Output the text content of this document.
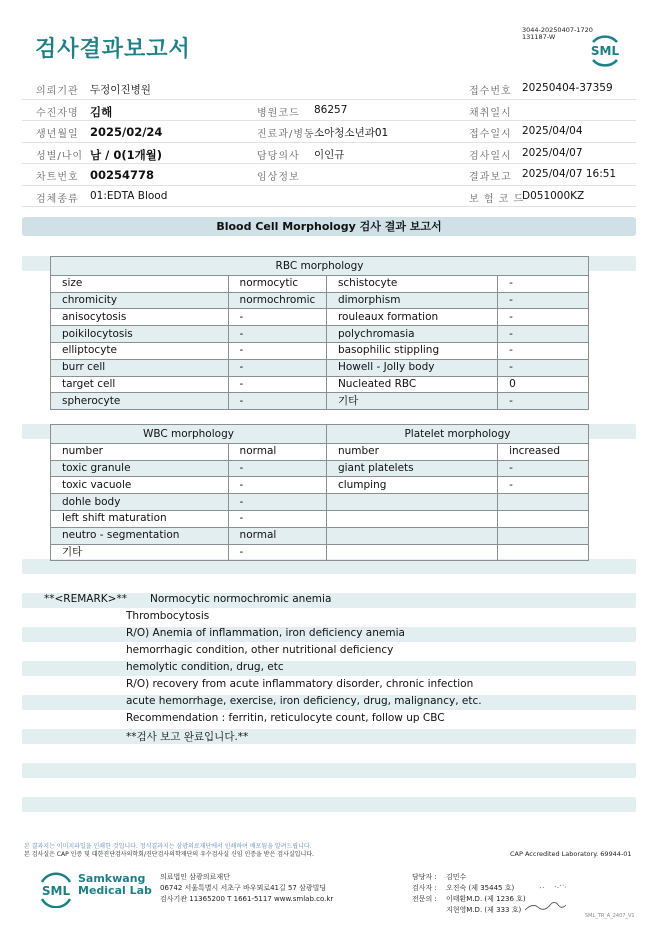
검사결과보고서
3044-20250407-1720
131187-W
SML
의뢰기관 두정이진병원	접수번호 20250404-37359
수진자명 김해	병원코드 86257	채취일시
생년월일 2025/02/24	진료과/병동 소아청소년과01	접수일시 2025/04/04
성별/나이 남 / 0(1개월)	담당의사 이인규	검사일시 2025/04/07
차트번호 00254778	임상정보	결과보고 2025/04/07 16:51
검체종류 01:EDTA Blood	보 험 코 드
D051000KZ
Blood Cell Morphology 검사 결과 보고서
RBC morphology			
size	normocytic	schistocyte	-
chromicity	normochromic	dimorphism	-
anisocytosis	-	rouleaux formation	-
poikilocytosis	-	polychromasia	-
elliptocyte	-	basophilic stippling	-
burr cell	-	Howell - Jolly body	-
target cell	-	Nucleated RBC	0
spherocyte	-	기타	-
WBC morphology		Platelet morphology	
number	normal	number	increased
toxic granule	-	giant platelets	-
toxic vacuole	-	clumping	-
dohle body	-		
left shift maturation	-		
neutro - segmentation	normal		
기타	-		
**<REMARK>** Normocytic normochromic anemia
Thrombocytosis
R/O) Anemia of inflammation, iron deficiency anemia
hemorrhagic condition, other nutritional deficiency
hemolytic condition, drug, etc
R/O) recovery from acute inflammatory disorder, chronic infection
acute hemorrhage, exercise, iron deficiency, drug, malignancy, etc.
Recommendation : ferritin, reticulocyte count, follow up CBC
**검사 보고 완료입니다.**
본 결과지는 이미지파일을 인쇄한 것입니다. 정식결과지는 삼광의료재단에서 인쇄하여 배포됨을 알려드립니다.
본 검사실은 CAP 인증 및 대한진단검사의학회/진단검사의학재단의 우수검사실 신임 인증을 받은 검사실입니다.	CAP Accredited Laboratory. 69944-01
SML
Samkwang
Medical Lab
의료법인 삼광의료재단
06742 서울특별시 서초구 바우뫼로41길 57 삼광빌딩
검사기관 11365200 T 1661-5117 www.smlab.co.kr
담당자 : 김민수
검사자 : 오진숙 (제 35445 호)
전문의 : 이태환M.D. (제 1236 호)
지현영M.D. (제 333 호)
SML_TR_A_2407_V1
